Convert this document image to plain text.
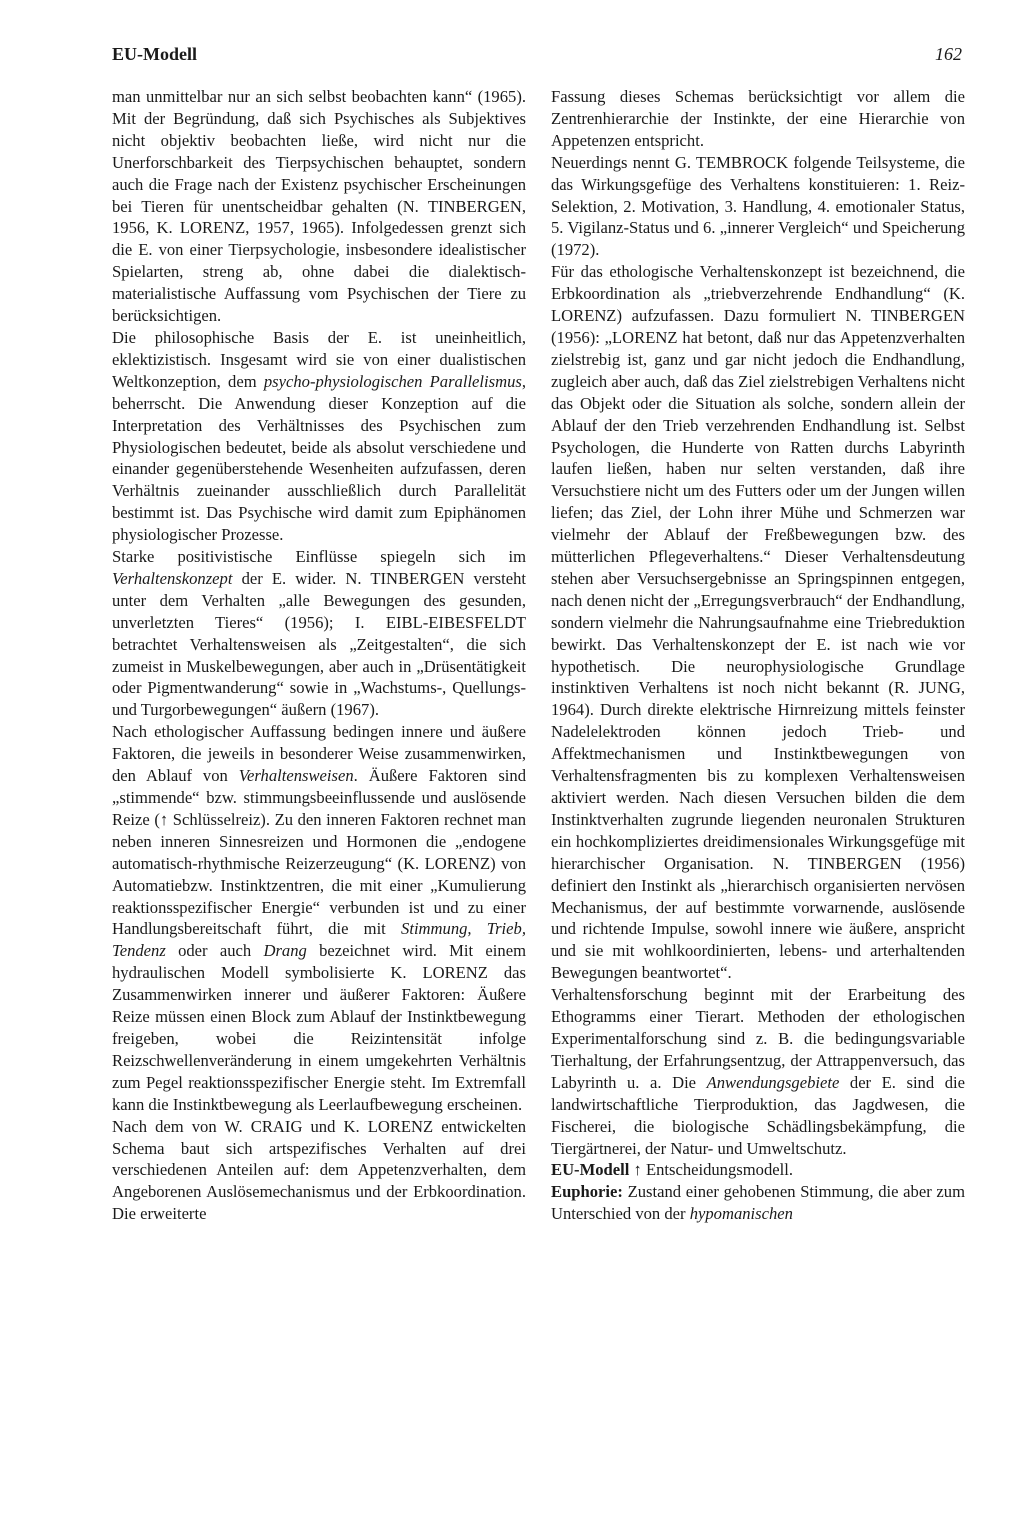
EU-Modell	162

man unmittelbar nur an sich selbst beobachten kann“ (1965). Mit der Begründung, daß sich Psychisches als Subjektives nicht objektiv beobachten ließe, wird nicht nur die Unerforschbarkeit des Tierpsychischen behauptet, sondern auch die Frage nach der Existenz psychischer Erscheinungen bei Tieren für unentscheidbar gehalten (N. TINBERGEN, 1956, K. LORENZ, 1957, 1965). Infolgedessen grenzt sich die E. von einer Tierpsychologie, insbesondere idealistischer Spielarten, streng ab, ohne dabei die dialektisch-materialistische Auffassung vom Psychischen der Tiere zu berücksichtigen.

Die philosophische Basis der E. ist uneinheitlich, eklektizistisch. Insgesamt wird sie von einer dualistischen Weltkonzeption, dem psycho-physiologischen Parallelismus, beherrscht. Die Anwendung dieser Konzeption auf die Interpretation des Verhältnisses des Psychischen zum Physiologischen bedeutet, beide als absolut verschiedene und einander gegenüberstehende Wesenheiten aufzufassen, deren Verhältnis zueinander ausschließlich durch Parallelität bestimmt ist. Das Psychische wird damit zum Epiphänomen physiologischer Prozesse.

Starke positivistische Einflüsse spiegeln sich im Verhaltenskonzept der E. wider. N. TINBERGEN versteht unter dem Verhalten „alle Bewegungen des gesunden, unverletzten Tieres“ (1956); I. EIBL-EIBESFELDT betrachtet Verhaltensweisen als „Zeitgestalten“, die sich zumeist in Muskelbewegungen, aber auch in „Drüsentätigkeit oder Pigmentwanderung“ sowie in „Wachstums-, Quellungs- und Turgorbewegungen“ äußern (1967).

Nach ethologischer Auffassung bedingen innere und äußere Faktoren, die jeweils in besonderer Weise zusammenwirken, den Ablauf von Verhaltensweisen. Äußere Faktoren sind „stimmende“ bzw. stimmungsbeeinflussende und auslösende Reize (↑ Schlüsselreiz). Zu den inneren Faktoren rechnet man neben inneren Sinnesreizen und Hormonen die „endogene automatisch-rhythmische Reizerzeugung“ (K. LORENZ) von Automatiebzw. Instinktzentren, die mit einer „Kumulierung reaktionsspezifischer Energie“ verbunden ist und zu einer Handlungsbereitschaft führt, die mit Stimmung, Trieb, Tendenz oder auch Drang bezeichnet wird. Mit einem hydraulischen Modell symbolisierte K. LORENZ das Zusammenwirken innerer und äußerer Faktoren: Äußere Reize müssen einen Block zum Ablauf der Instinktbewegung freigeben, wobei die Reizintensität infolge Reizschwellenveränderung in einem umgekehrten Verhältnis zum Pegel reaktionsspezifischer Energie steht. Im Extremfall kann die Instinktbewegung als Leerlaufbewegung erscheinen.

Nach dem von W. CRAIG und K. LORENZ entwickelten Schema baut sich artspezifisches Verhalten auf drei verschiedenen Anteilen auf: dem Appetenzverhalten, dem Angeborenen Auslösemechanismus und der Erbkoordination. Die erweiterte

Fassung dieses Schemas berücksichtigt vor allem die Zentrenhierarchie der Instinkte, der eine Hierarchie von Appetenzen entspricht.

Neuerdings nennt G. TEMBROCK folgende Teilsysteme, die das Wirkungsgefüge des Verhaltens konstituieren: 1. Reiz-Selektion, 2. Motivation, 3. Handlung, 4. emotionaler Status, 5. Vigilanz-Status und 6. „innerer Vergleich“ und Speicherung (1972).

Für das ethologische Verhaltenskonzept ist bezeichnend, die Erbkoordination als „triebverzehrende Endhandlung“ (K. LORENZ) aufzufassen. Dazu formuliert N. TINBERGEN (1956): „LORENZ hat betont, daß nur das Appetenzverhalten zielstrebig ist, ganz und gar nicht jedoch die Endhandlung, zugleich aber auch, daß das Ziel zielstrebigen Verhaltens nicht das Objekt oder die Situation als solche, sondern allein der Ablauf der den Trieb verzehrenden Endhandlung ist. Selbst Psychologen, die Hunderte von Ratten durchs Labyrinth laufen ließen, haben nur selten verstanden, daß ihre Versuchstiere nicht um des Futters oder um der Jungen willen liefen; das Ziel, der Lohn ihrer Mühe und Schmerzen war vielmehr der Ablauf der Freßbewegungen bzw. des mütterlichen Pflegeverhaltens.“ Dieser Verhaltensdeutung stehen aber Versuchsergebnisse an Springspinnen entgegen, nach denen nicht der „Erregungsverbrauch“ der Endhandlung, sondern vielmehr die Nahrungsaufnahme eine Triebreduktion bewirkt. Das Verhaltenskonzept der E. ist nach wie vor hypothetisch. Die neurophysiologische Grundlage instinktiven Verhaltens ist noch nicht bekannt (R. JUNG, 1964). Durch direkte elektrische Hirnreizung mittels feinster Nadelelektroden können jedoch Trieb- und Affektmechanismen und Instinktbewegungen von Verhaltensfragmenten bis zu komplexen Verhaltensweisen aktiviert werden. Nach diesen Versuchen bilden die dem Instinktverhalten zugrunde liegenden neuronalen Strukturen ein hochkompliziertes dreidimensionales Wirkungsgefüge mit hierarchischer Organisation. N. TINBERGEN (1956) definiert den Instinkt als „hierarchisch organisierten nervösen Mechanismus, der auf bestimmte vorwarnende, auslösende und richtende Impulse, sowohl innere wie äußere, anspricht und sie mit wohlkoordinierten, lebens- und arterhaltenden Bewegungen beantwortet“.

Verhaltensforschung beginnt mit der Erarbeitung des Ethogramms einer Tierart. Methoden der ethologischen Experimentalforschung sind z. B. die bedingungsvariable Tierhaltung, der Erfahrungsentzug, der Attrappenversuch, das Labyrinth u. a. Die Anwendungsgebiete der E. sind die landwirtschaftliche Tierproduktion, das Jagdwesen, die Fischerei, die biologische Schädlingsbekämpfung, die Tiergärtnerei, der Natur- und Umweltschutz.

EU-Modell ↑ Entscheidungsmodell.

Euphorie: Zustand einer gehobenen Stimmung, die aber zum Unterschied von der hypomanischen
